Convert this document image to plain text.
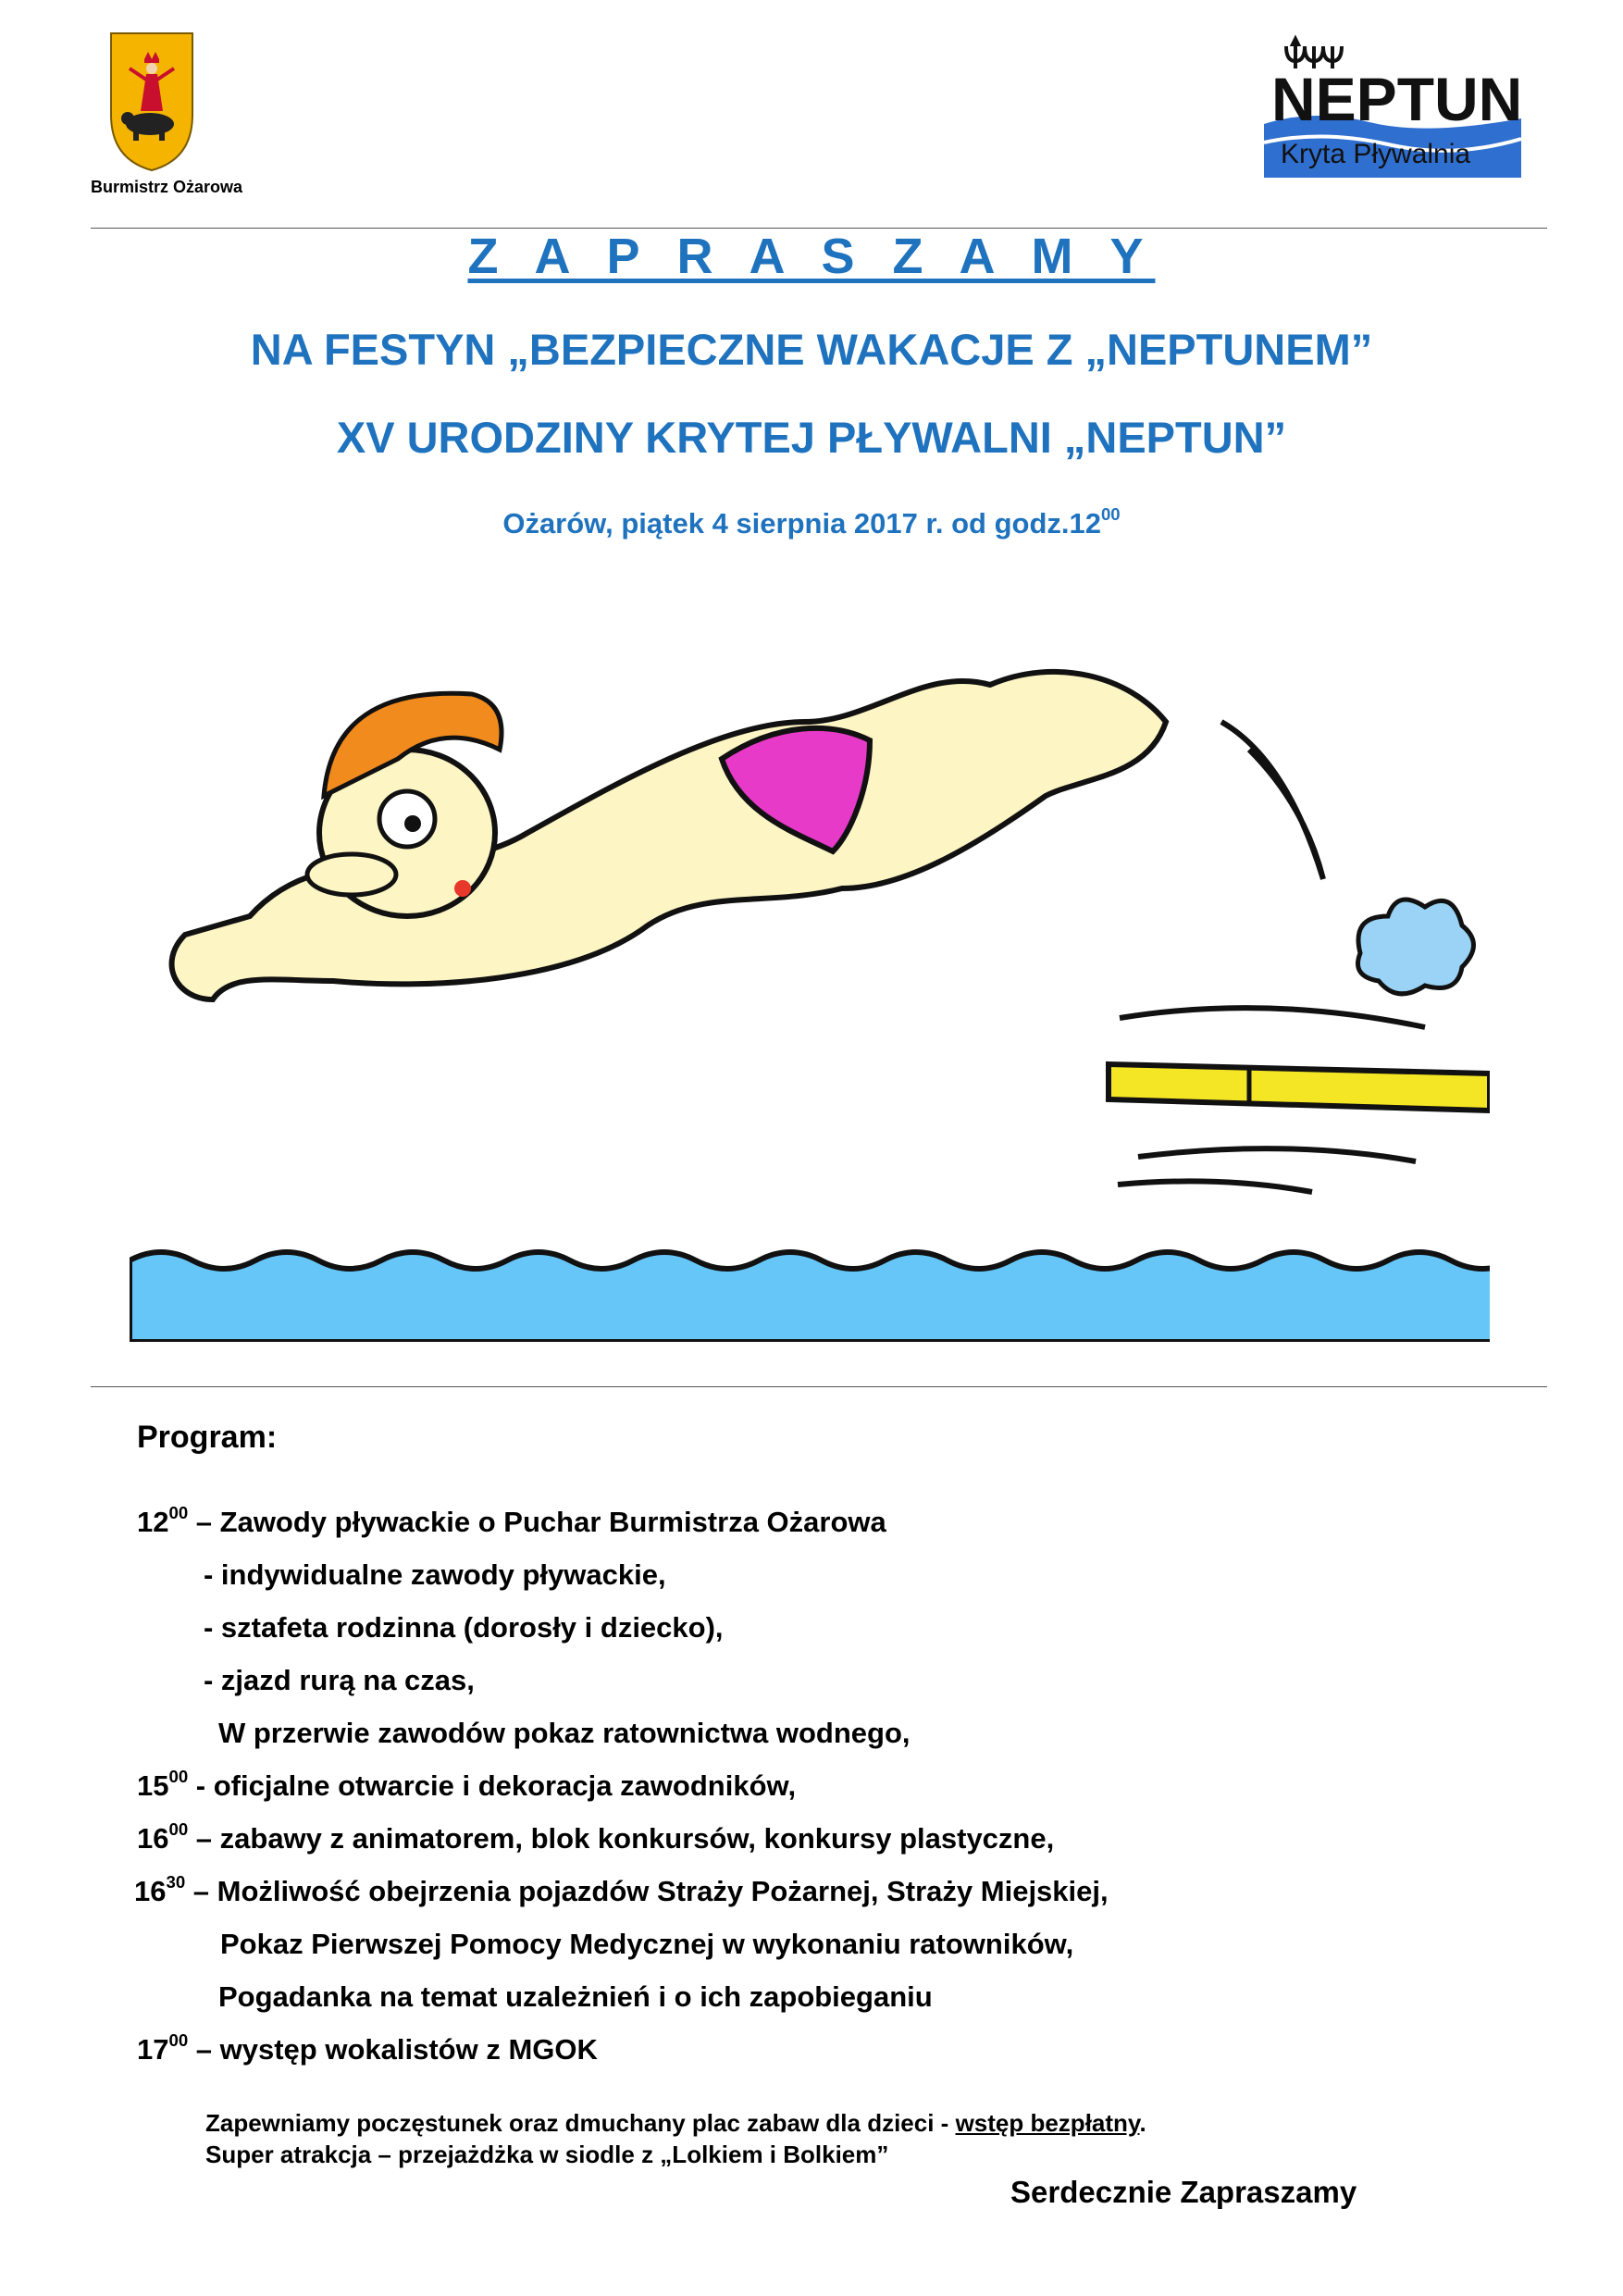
Burmistrz Ożarowa
NEPTUN
Kryta Pływalnia
Z A P R A S Z A M Y
NA FESTYN „BEZPIECZNE WAKACJE Z „NEPTUNEM”
XV URODZINY KRYTEJ PŁYWALNI „NEPTUN”
Ożarów, piątek 4 sierpnia 2017 r. od $godz.12^{00}$
Program:
$12^{00}$ – Zawody pływackie o Puchar Burmistrza Ożarowa
- indywidualne zawody pływackie,
- sztafeta rodzinna (dorosły i dziecko),
- zjazd rurą na czas,
W przerwie zawodów pokaz ratownictwa wodnego,
$15^{00}$ - oficjalne otwarcie i dekoracja zawodników,
$16^{00}$ – zabawy z animatorem, blok konkursów, konkursy plastyczne,
$16^{30}$ – Możliwość obejrzenia pojazdów Straży Pożarnej, Straży Miejskiej,
Pokaz Pierwszej Pomocy Medycznej w wykonaniu ratowników,
Pogadanka na temat uzależnień i o ich zapobieganiu
$17^{00}$ – występ wokalistów z MGOK
Zapewniamy poczęstunek oraz dmuchany plac zabaw dla dzieci - wstęp bezpłatny.
Super atrakcja – przejażdżka w siodle z „Lolkiem i Bolkiem”
Serdecznie Zapraszamy
